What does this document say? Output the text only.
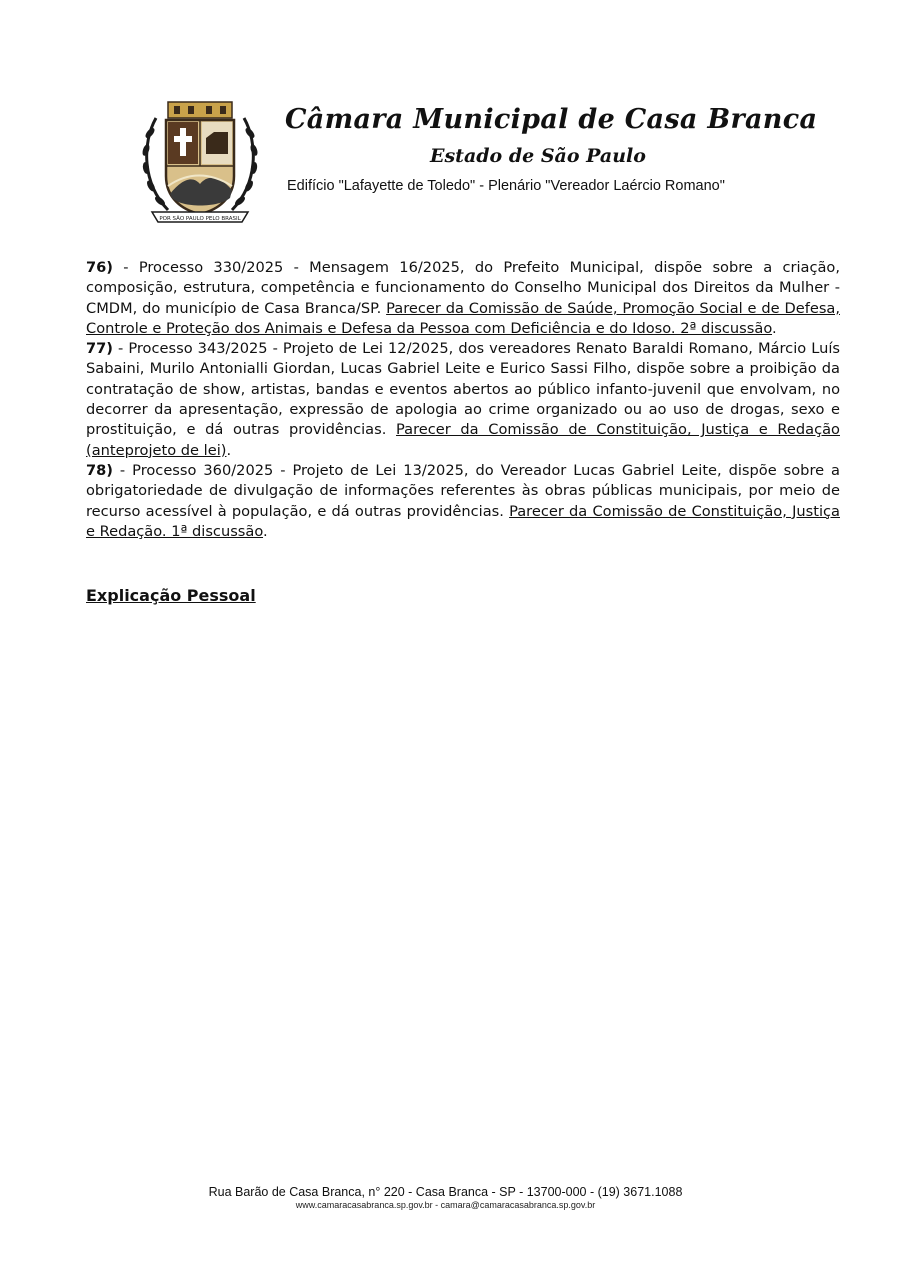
POR SÃO PAULO PELO BRASIL
Câmara Municipal de Casa Branca
Estado de São Paulo
Edifício "Lafayette de Toledo" - Plenário "Vereador Laércio Romano"

76) - Processo 330/2025 - Mensagem 16/2025, do Prefeito Municipal, dispõe sobre a criação, composição, estrutura, competência e funcionamento do Conselho Municipal dos Direitos da Mulher - CMDM, do município de Casa Branca/SP. Parecer da Comissão de Saúde, Promoção Social e de Defesa, Controle e Proteção dos Animais e Defesa da Pessoa com Deficiência e do Idoso. 2ª discussão.

77) - Processo 343/2025 - Projeto de Lei 12/2025, dos vereadores Renato Baraldi Romano, Márcio Luís Sabaini, Murilo Antonialli Giordan, Lucas Gabriel Leite e Eurico Sassi Filho, dispõe sobre a proibição da contratação de show, artistas, bandas e eventos abertos ao público infanto-juvenil que envolvam, no decorrer da apresentação, expressão de apologia ao crime organizado ou ao uso de drogas, sexo e prostituição, e dá outras providências. Parecer da Comissão de Constituição, Justiça e Redação (anteprojeto de lei).

78) - Processo 360/2025 - Projeto de Lei 13/2025, do Vereador Lucas Gabriel Leite, dispõe sobre a obrigatoriedade de divulgação de informações referentes às obras públicas municipais, por meio de recurso acessível à população, e dá outras providências. Parecer da Comissão de Constituição, Justiça e Redação. 1ª discussão.

Explicação Pessoal
Rua Barão de Casa Branca, n° 220 - Casa Branca - SP - 13700-000 - (19) 3671.1088
www.camaracasabranca.sp.gov.br - camara@camaracasabranca.sp.gov.br
